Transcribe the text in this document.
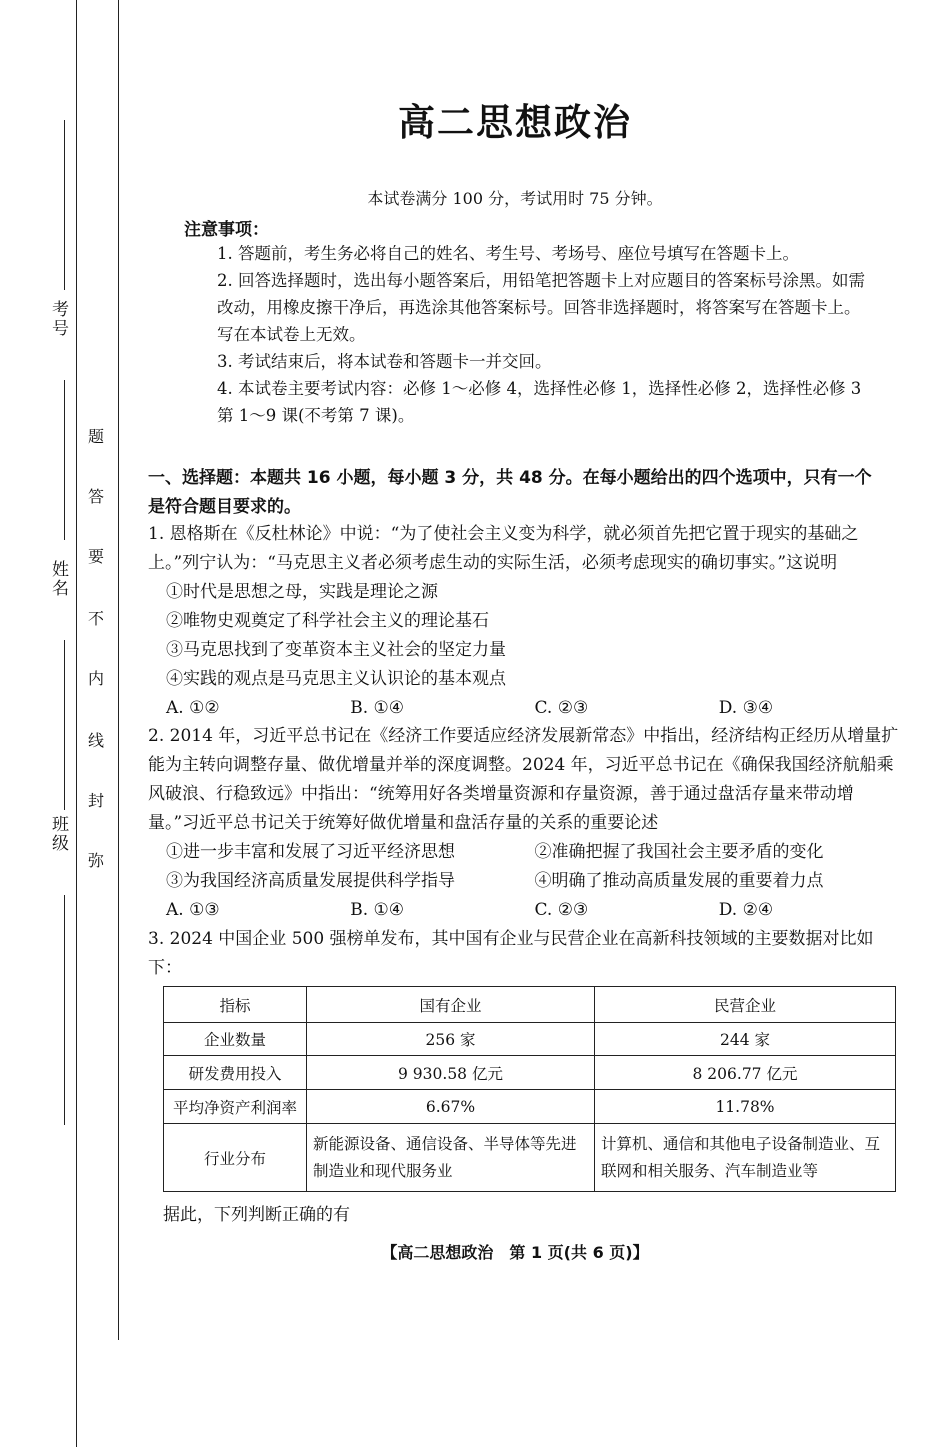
考号
姓名
班级
题
答
要
不
内
线
封
弥
高二思想政治
本试卷满分 100 分，考试用时 75 分钟。
注意事项：
1. 答题前，考生务必将自己的姓名、考生号、考场号、座位号填写在答题卡上。
2. 回答选择题时，选出每小题答案后，用铅笔把答题卡上对应题目的答案标号涂黑。如需改动，用橡皮擦干净后，再选涂其他答案标号。回答非选择题时，将答案写在答题卡上。写在本试卷上无效。
3. 考试结束后，将本试卷和答题卡一并交回。
4. 本试卷主要考试内容：必修 1～必修 4，选择性必修 1，选择性必修 2，选择性必修 3 第 1～9 课(不考第 7 课)。
一、选择题：本题共 16 小题，每小题 3 分，共 48 分。在每小题给出的四个选项中，只有一个是符合题目要求的。
1. 恩格斯在《反杜林论》中说：“为了使社会主义变为科学，就必须首先把它置于现实的基础之上。”列宁认为：“马克思主义者必须考虑生动的实际生活，必须考虑现实的确切事实。”这说明
①时代是思想之母，实践是理论之源
②唯物史观奠定了科学社会主义的理论基石
③马克思找到了变革资本主义社会的坚定力量
④实践的观点是马克思主义认识论的基本观点
A. ①②	B. ①④	C. ②③	D. ③④
2. 2014 年，习近平总书记在《经济工作要适应经济发展新常态》中指出，经济结构正经历从增量扩能为主转向调整存量、做优增量并举的深度调整。2024 年，习近平总书记在《确保我国经济航船乘风破浪、行稳致远》中指出：“统筹用好各类增量资源和存量资源，善于通过盘活存量来带动增量。”习近平总书记关于统筹好做优增量和盘活存量的关系的重要论述
①进一步丰富和发展了习近平经济思想	②准确把握了我国社会主要矛盾的变化
③为我国经济高质量发展提供科学指导	④明确了推动高质量发展的重要着力点
A. ①③	B. ①④	C. ②③	D. ②④
3. 2024 中国企业 500 强榜单发布，其中国有企业与民营企业在高新科技领域的主要数据对比如下：
指标	国有企业	民营企业
企业数量	256 家	244 家
研发费用投入	9 930.58 亿元	8 206.77 亿元
平均净资产利润率	6.67%	11.78%
行业分布	新能源设备、通信设备、半导体等先进制造业和现代服务业	计算机、通信和其他电子设备制造业、互联网和相关服务、汽车制造业等
据此，下列判断正确的有
【高二思想政治　第 1 页(共 6 页)】
